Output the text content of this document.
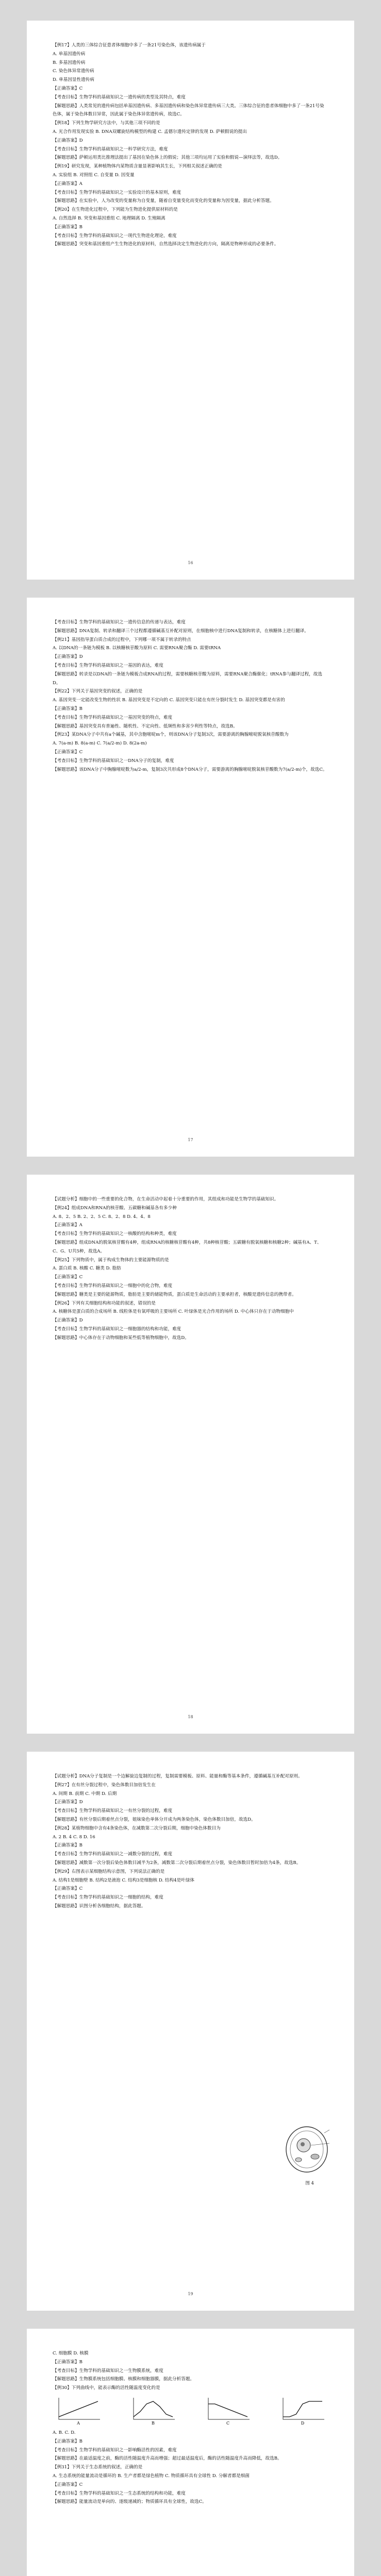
【例17】人类的三体综合征患者体细胞中多了一条21号染色体，该遗传病属于

A. 单基因遗传病

B. 多基因遗传病

C. 染色体异常遗传病

D. 单基因显性遗传病

【正确答案】C

【考查目标】生物学科的基础知识之一遗传病的类型及其特点，难度

【解题思路】人类常见的遗传病包括单基因遗传病、多基因遗传病和染色体异常遗传病三大类。三体综合征的患者体细胞中多了一条21号染色体，属于染色体数目异常，因此属于染色体异常遗传病，故选C。

【例18】下列生物学研究方法中，与其他三项不同的是

A. 光合作用发现实验 B. DNA双螺旋结构模型的构建 C. 孟德尔遗传定律的发现 D. 萨顿假说的提出

【正确答案】D

【考查目标】生物学科的基础知识之一科学研究方法，难度

【解题思路】萨顿运用类比推理法提出了基因在染色体上的假说；其他三项均运用了实验和假说—演绎法等，故选D。

【例19】研究发现，某种植物体内某物质含量显著影响其生长，下列相关叙述正确的是

A. 实验组 B. 对照组 C. 自变量 D. 因变量

【正确答案】A

【考查目标】生物学科的基础知识之一实验设计的基本原则，难度

【解题思路】在实验中，人为改变的变量称为自变量，随着自变量变化而变化的变量称为因变量，据此分析答题。

【例20】在生物进化过程中，下列能为生物进化提供原材料的是

A. 自然选择 B. 突变和基因重组 C. 地理隔离 D. 生殖隔离

【正确答案】B

【考查目标】生物学科的基础知识之一现代生物进化理论，难度

【解题思路】突变和基因重组产生生物进化的原材料，自然选择决定生物进化的方向，隔离是物种形成的必要条件。

16

【考查目标】生物学科的基础知识之一遗传信息的传递与表达，难度

【解题思路】DNA复制、转录和翻译三个过程都遵循碱基互补配对原则，在细胞核中进行DNA复制和转录，在核糖体上进行翻译。

【例21】基因指导蛋白质合成的过程中，下列哪一项不属于转录的特点

A. 以DNA的一条链为模板 B. 以核糖核苷酸为原料 C. 需要RNA聚合酶 D. 需要tRNA

【正确答案】D

【考查目标】生物学科的基础知识之一基因的表达，难度

【解题思路】转录是以DNA的一条链为模板合成RNA的过程，需要核糖核苷酸为原料，需要RNA聚合酶催化；tRNA参与翻译过程，故选D。

【例22】下列关于基因突变的叙述，正确的是

A. 基因突变一定能改变生物的性状 B. 基因突变是不定向的 C. 基因突变只能在有丝分裂时发生 D. 基因突变都是有害的

【正确答案】B

【考查目标】生物学科的基础知识之一基因突变的特点，难度

【解题思路】基因突变具有普遍性、随机性、不定向性、低频性和多害少利性等特点，故选B。

【例23】某DNA分子中共有a个碱基，其中含胞嘧啶m个，则该DNA分子复制3次，需要游离的胸腺嘧啶脱氧核苷酸数为

A. 7(a-m) B. 8(a-m) C. 7(a/2-m) D. 8(2a-m)

【正确答案】C

【考查目标】生物学科的基础知识之一DNA分子的复制，难度

【解题思路】该DNA分子中胸腺嘧啶数为a/2-m，复制3次共形成8个DNA分子，需要游离的胸腺嘧啶脱氧核苷酸数为7(a/2-m)个，故选C。

17

【试题分析】细胞中的一些重要的化合物，在生命活动中起着十分重要的作用，其组成和功能是生物学的基础知识。

【例24】组成DNA和RNA的核苷酸、五碳糖和碱基各有多少种

A. 8、2、5 B. 2、2、5 C. 8、2、8 D. 4、4、8

【正确答案】A

【考查目标】生物学科的基础知识之一核酸的结构和种类，难度

【解题思路】组成DNA的脱氧核苷酸有4种，组成RNA的核糖核苷酸有4种，共8种核苷酸；五碳糖有脱氧核糖和核糖2种；碱基有A、T、C、G、U共5种，故选A。

【例25】下列物质中，属于构成生物体的主要能源物质的是

A. 蛋白质 B. 核酸 C. 糖类 D. 脂肪

【正确答案】C

【考查目标】生物学科的基础知识之一细胞中的化合物，难度

【解题思路】糖类是主要的能源物质，脂肪是主要的储能物质，蛋白质是生命活动的主要承担者，核酸是遗传信息的携带者。

【例26】下列有关细胞结构和功能的叙述，错误的是

A. 核糖体是蛋白质的合成场所 B. 线粒体是有氧呼吸的主要场所 C. 叶绿体是光合作用的场所 D. 中心体只存在于动物细胞中

【正确答案】D

【考查目标】生物学科的基础知识之一细胞器的结构和功能，难度

【解题思路】中心体存在于动物细胞和某些低等植物细胞中，故选D。

18

【试题分析】DNA分子复制是一个边解旋边复制的过程，复制需要模板、原料、能量和酶等基本条件，遵循碱基互补配对原则。

【例27】在有丝分裂过程中，染色体数目加倍发生在

A. 间期 B. 前期 C. 中期 D. 后期

【正确答案】D

【考查目标】生物学科的基础知识之一有丝分裂的过程，难度

【解题思路】有丝分裂后期着丝点分裂，姐妹染色单体分开成为两条染色体，染色体数目加倍，故选D。

【例28】某植物细胞中含有4条染色体，在减数第二次分裂后期，细胞中染色体数目为

A. 2 B. 4 C. 8 D. 16

【正确答案】B

【考查目标】生物学科的基础知识之一减数分裂的过程，难度

【解题思路】减数第一次分裂后染色体数目减半为2条，减数第二次分裂后期着丝点分裂，染色体数目暂时加倍为4条，故选B。

【例29】右图表示某细胞结构示意图，下列说法正确的是

A. 结构1是细胞壁 B. 结构2是液泡 C. 结构3是细胞核 D. 结构4是叶绿体

【正确答案】C

【考查目标】生物学科的基础知识之一细胞的结构，难度

【解题思路】识图分析各细胞结构，据此答题。

图 4
19

C. 细胞膜 D. 核膜

【正确答案】B

【考查目标】生物学科的基础知识之一生物膜系统，难度

【解题思路】生物膜系统包括细胞膜、核膜和细胞器膜，据此分析答题。

【例30】下列曲线中，能表示酶的活性随温度变化的是

A	B	C	D

A. B. C. D.

【正确答案】B

【考查目标】生物学科的基础知识之一影响酶活性的因素，难度

【解题思路】在最适温度之前，酶的活性随温度升高而增强；超过最适温度后，酶的活性随温度升高而降低，故选B。

【例31】下列关于生态系统的叙述，正确的是

A. 生态系统的能量流动是循环的 B. 生产者都是绿色植物 C. 物质循环具有全球性 D. 分解者都是细菌

【正确答案】C

【考查目标】生物学科的基础知识之一生态系统的结构和功能，难度

【解题思路】能量流动是单向的、逐级递减的；物质循环具有全球性，故选C。
